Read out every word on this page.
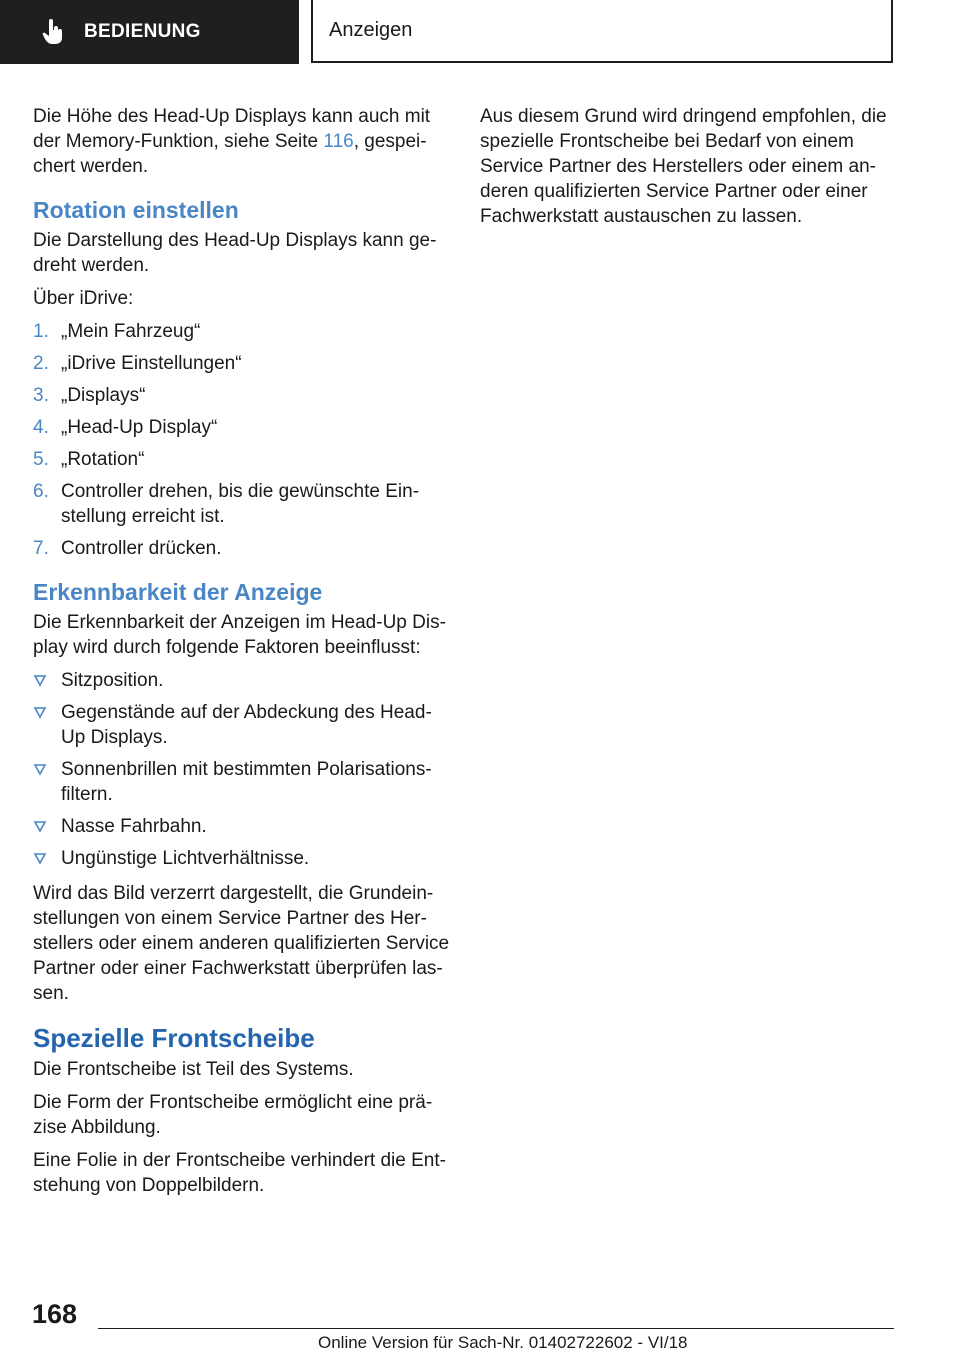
BEDIENUNG	Anzeigen

Die Höhe des Head-Up Displays kann auch mit der Memory-Funktion, siehe Seite 116, gespei-chert werden.

Rotation einstellen

Die Darstellung des Head-Up Displays kann ge-dreht werden.

Über iDrive:

1. „Mein Fahrzeug“
2. „iDrive Einstellungen“
3. „Displays“
4. „Head-Up Display“
5. „Rotation“
6. Controller drehen, bis die gewünschte Ein-stellung erreicht ist.
7. Controller drücken.
Erkennbarkeit der Anzeige

Die Erkennbarkeit der Anzeigen im Head-Up Dis-play wird durch folgende Faktoren beeinflusst:

Sitzposition.
Gegenstände auf der Abdeckung des Head-Up Displays.
Sonnenbrillen mit bestimmten Polarisations-filtern.
Nasse Fahrbahn.
Ungünstige Lichtverhältnisse.

Wird das Bild verzerrt dargestellt, die Grundein-stellungen von einem Service Partner des Her-stellers oder einem anderen qualifizierten Service Partner oder einer Fachwerkstatt überprüfen las-sen.

Spezielle Frontscheibe

Die Frontscheibe ist Teil des Systems.

Die Form der Frontscheibe ermöglicht eine prä-zise Abbildung.

Eine Folie in der Frontscheibe verhindert die Ent-stehung von Doppelbildern.

Aus diesem Grund wird dringend empfohlen, die spezielle Frontscheibe bei Bedarf von einem Service Partner des Herstellers oder einem an-deren qualifizierten Service Partner oder einer Fachwerkstatt austauschen zu lassen.

168
Online Version für Sach-Nr. 01402722602 - VI/18
